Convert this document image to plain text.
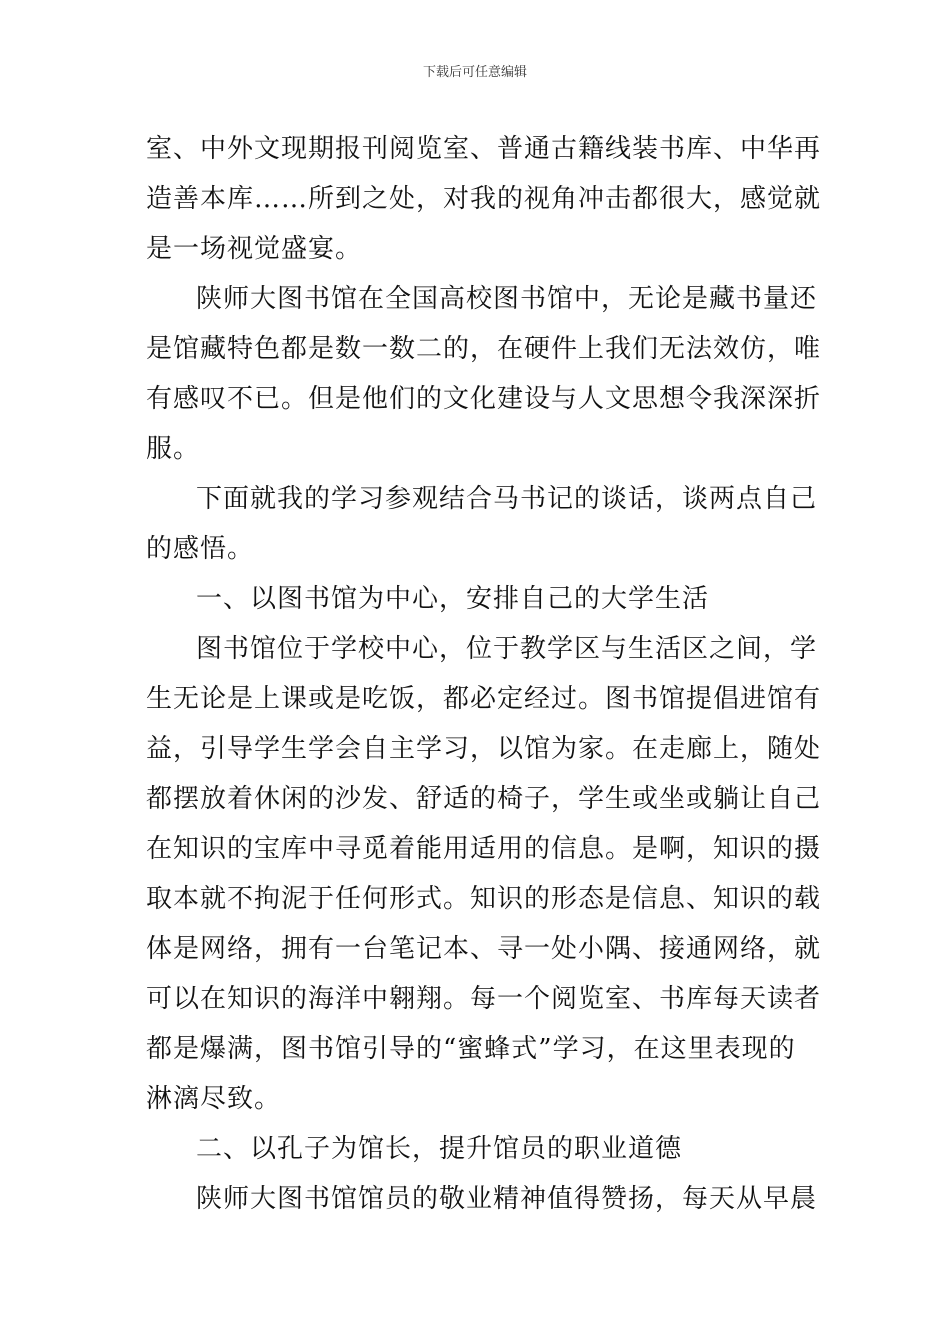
下载后可任意编辑
室、中外文现期报刊阅览室、普通古籍线装书库、中华再
造善本库……所到之处，对我的视角冲击都很大，感觉就
是一场视觉盛宴。
陕师大图书馆在全国高校图书馆中，无论是藏书量还
是馆藏特色都是数一数二的，在硬件上我们无法效仿，唯
有感叹不已。但是他们的文化建设与人文思想令我深深折
服。
下面就我的学习参观结合马书记的谈话，谈两点自己
的感悟。
一、以图书馆为中心，安排自己的大学生活
图书馆位于学校中心，位于教学区与生活区之间，学
生无论是上课或是吃饭，都必定经过。图书馆提倡进馆有
益，引导学生学会自主学习，以馆为家。在走廊上，随处
都摆放着休闲的沙发、舒适的椅子，学生或坐或躺让自己
在知识的宝库中寻觅着能用适用的信息。是啊，知识的摄
取本就不拘泥于任何形式。知识的形态是信息、知识的载
体是网络，拥有一台笔记本、寻一处小隅、接通网络，就
可以在知识的海洋中翱翔。每一个阅览室、书库每天读者
都是爆满，图书馆引导的“蜜蜂式”学习，在这里表现的
淋漓尽致。
二、以孔子为馆长，提升馆员的职业道德
陕师大图书馆馆员的敬业精神值得赞扬，每天从早晨
